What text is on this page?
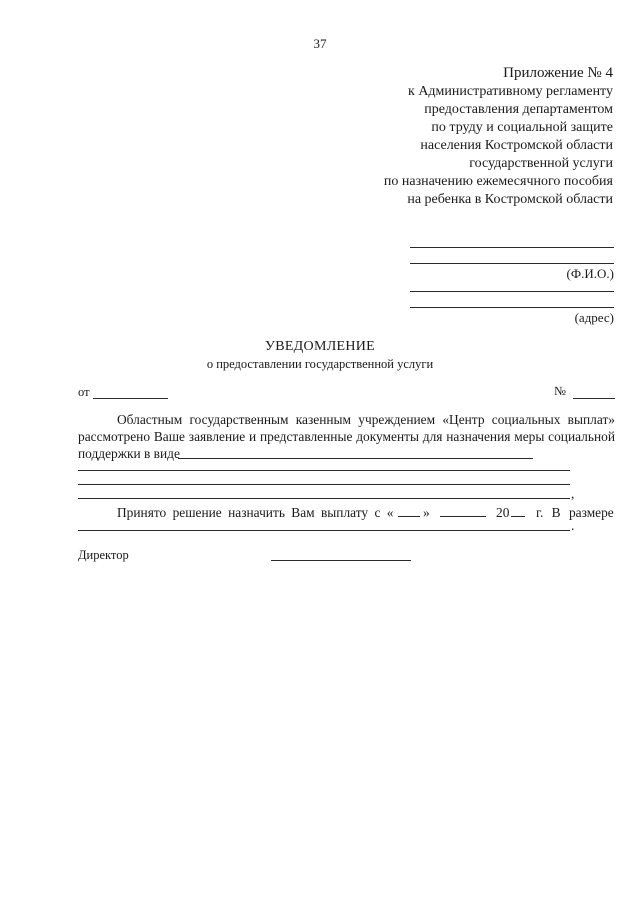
37
Приложение № 4
к Административному регламенту
предоставления департаментом
по труду и социальной защите
населения Костромской области
государственной услуги
по назначению ежемесячного пособия
на ребенка в Костромской области
(Ф.И.О.)
(адрес)
УВЕДОМЛЕНИЕ
о предоставлении государственной услуги
от	№
Областным государственным казенным учреждением «Центр социальных выплат»
рассмотрено Ваше заявление и представленные документы для назначения меры социальной
поддержки в виде
,
Принято решение назначить Вам выплату с « »	20 г. В размере
.
Директор
